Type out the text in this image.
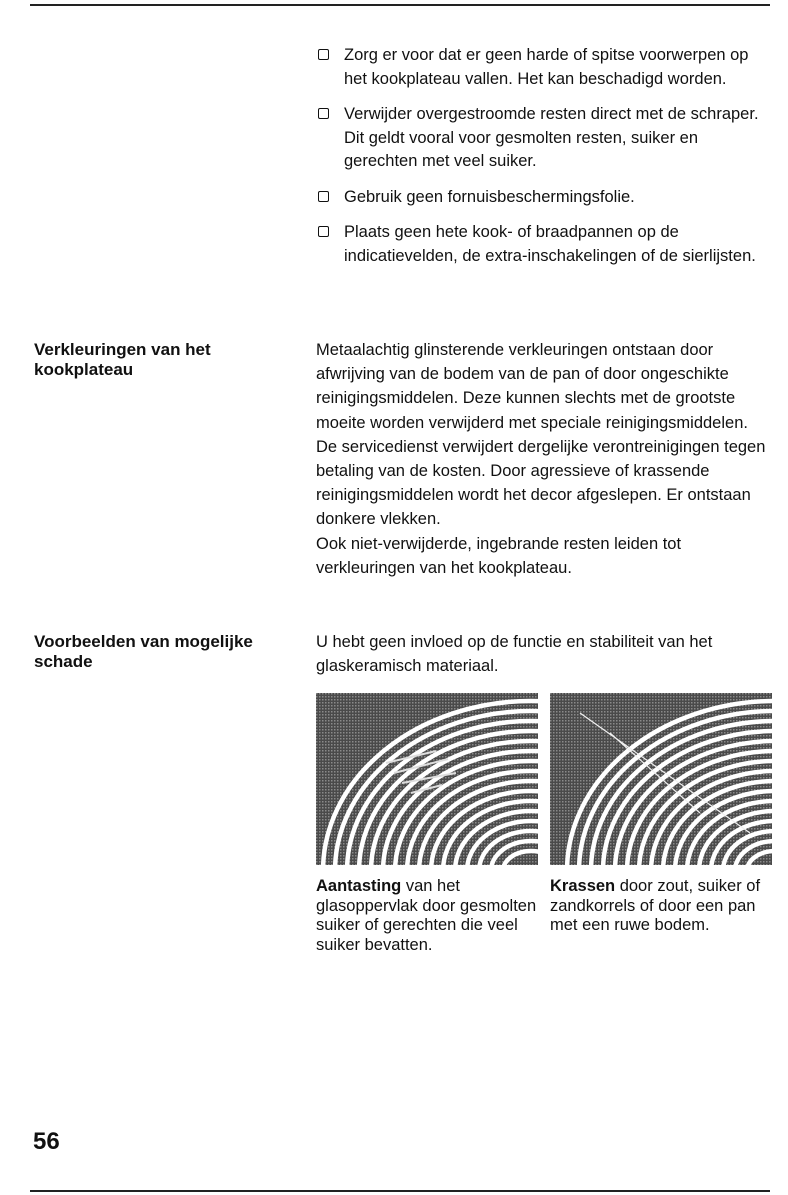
Zorg er voor dat er geen harde of spitse voorwerpen op het kookplateau vallen. Het kan beschadigd worden.
Verwijder overgestroomde resten direct met de schraper. Dit geldt vooral voor gesmolten resten, suiker en gerechten met veel suiker.
Gebruik geen fornuisbeschermingsfolie.
Plaats geen hete kook- of braadpannen op de indicatievelden, de extra-inschakelingen of de sierlijsten.
Verkleuringen van het kookplateau

Metaalachtig glinsterende verkleuringen ontstaan door afwrijving van de bodem van de pan of door ongeschikte reinigingsmiddelen. Deze kunnen slechts met de grootste moeite worden verwijderd met speciale reinigingsmiddelen. De servicedienst verwijdert dergelijke verontreinigingen tegen betaling van de kosten. Door agressieve of krassende reinigingsmiddelen wordt het decor afgeslepen. Er ontstaan donkere vlekken.

Ook niet-verwijderde, ingebrande resten leiden tot verkleuringen van het kookplateau.

Voorbeelden van mogelijke schade

U hebt geen invloed op de functie en stabiliteit van het glaskeramisch materiaal.

Aantasting van het glasoppervlak door gesmolten suiker of gerechten die veel suiker bevatten.
Krassen door zout, suiker of zandkorrels of door een pan met een ruwe bodem.
56
